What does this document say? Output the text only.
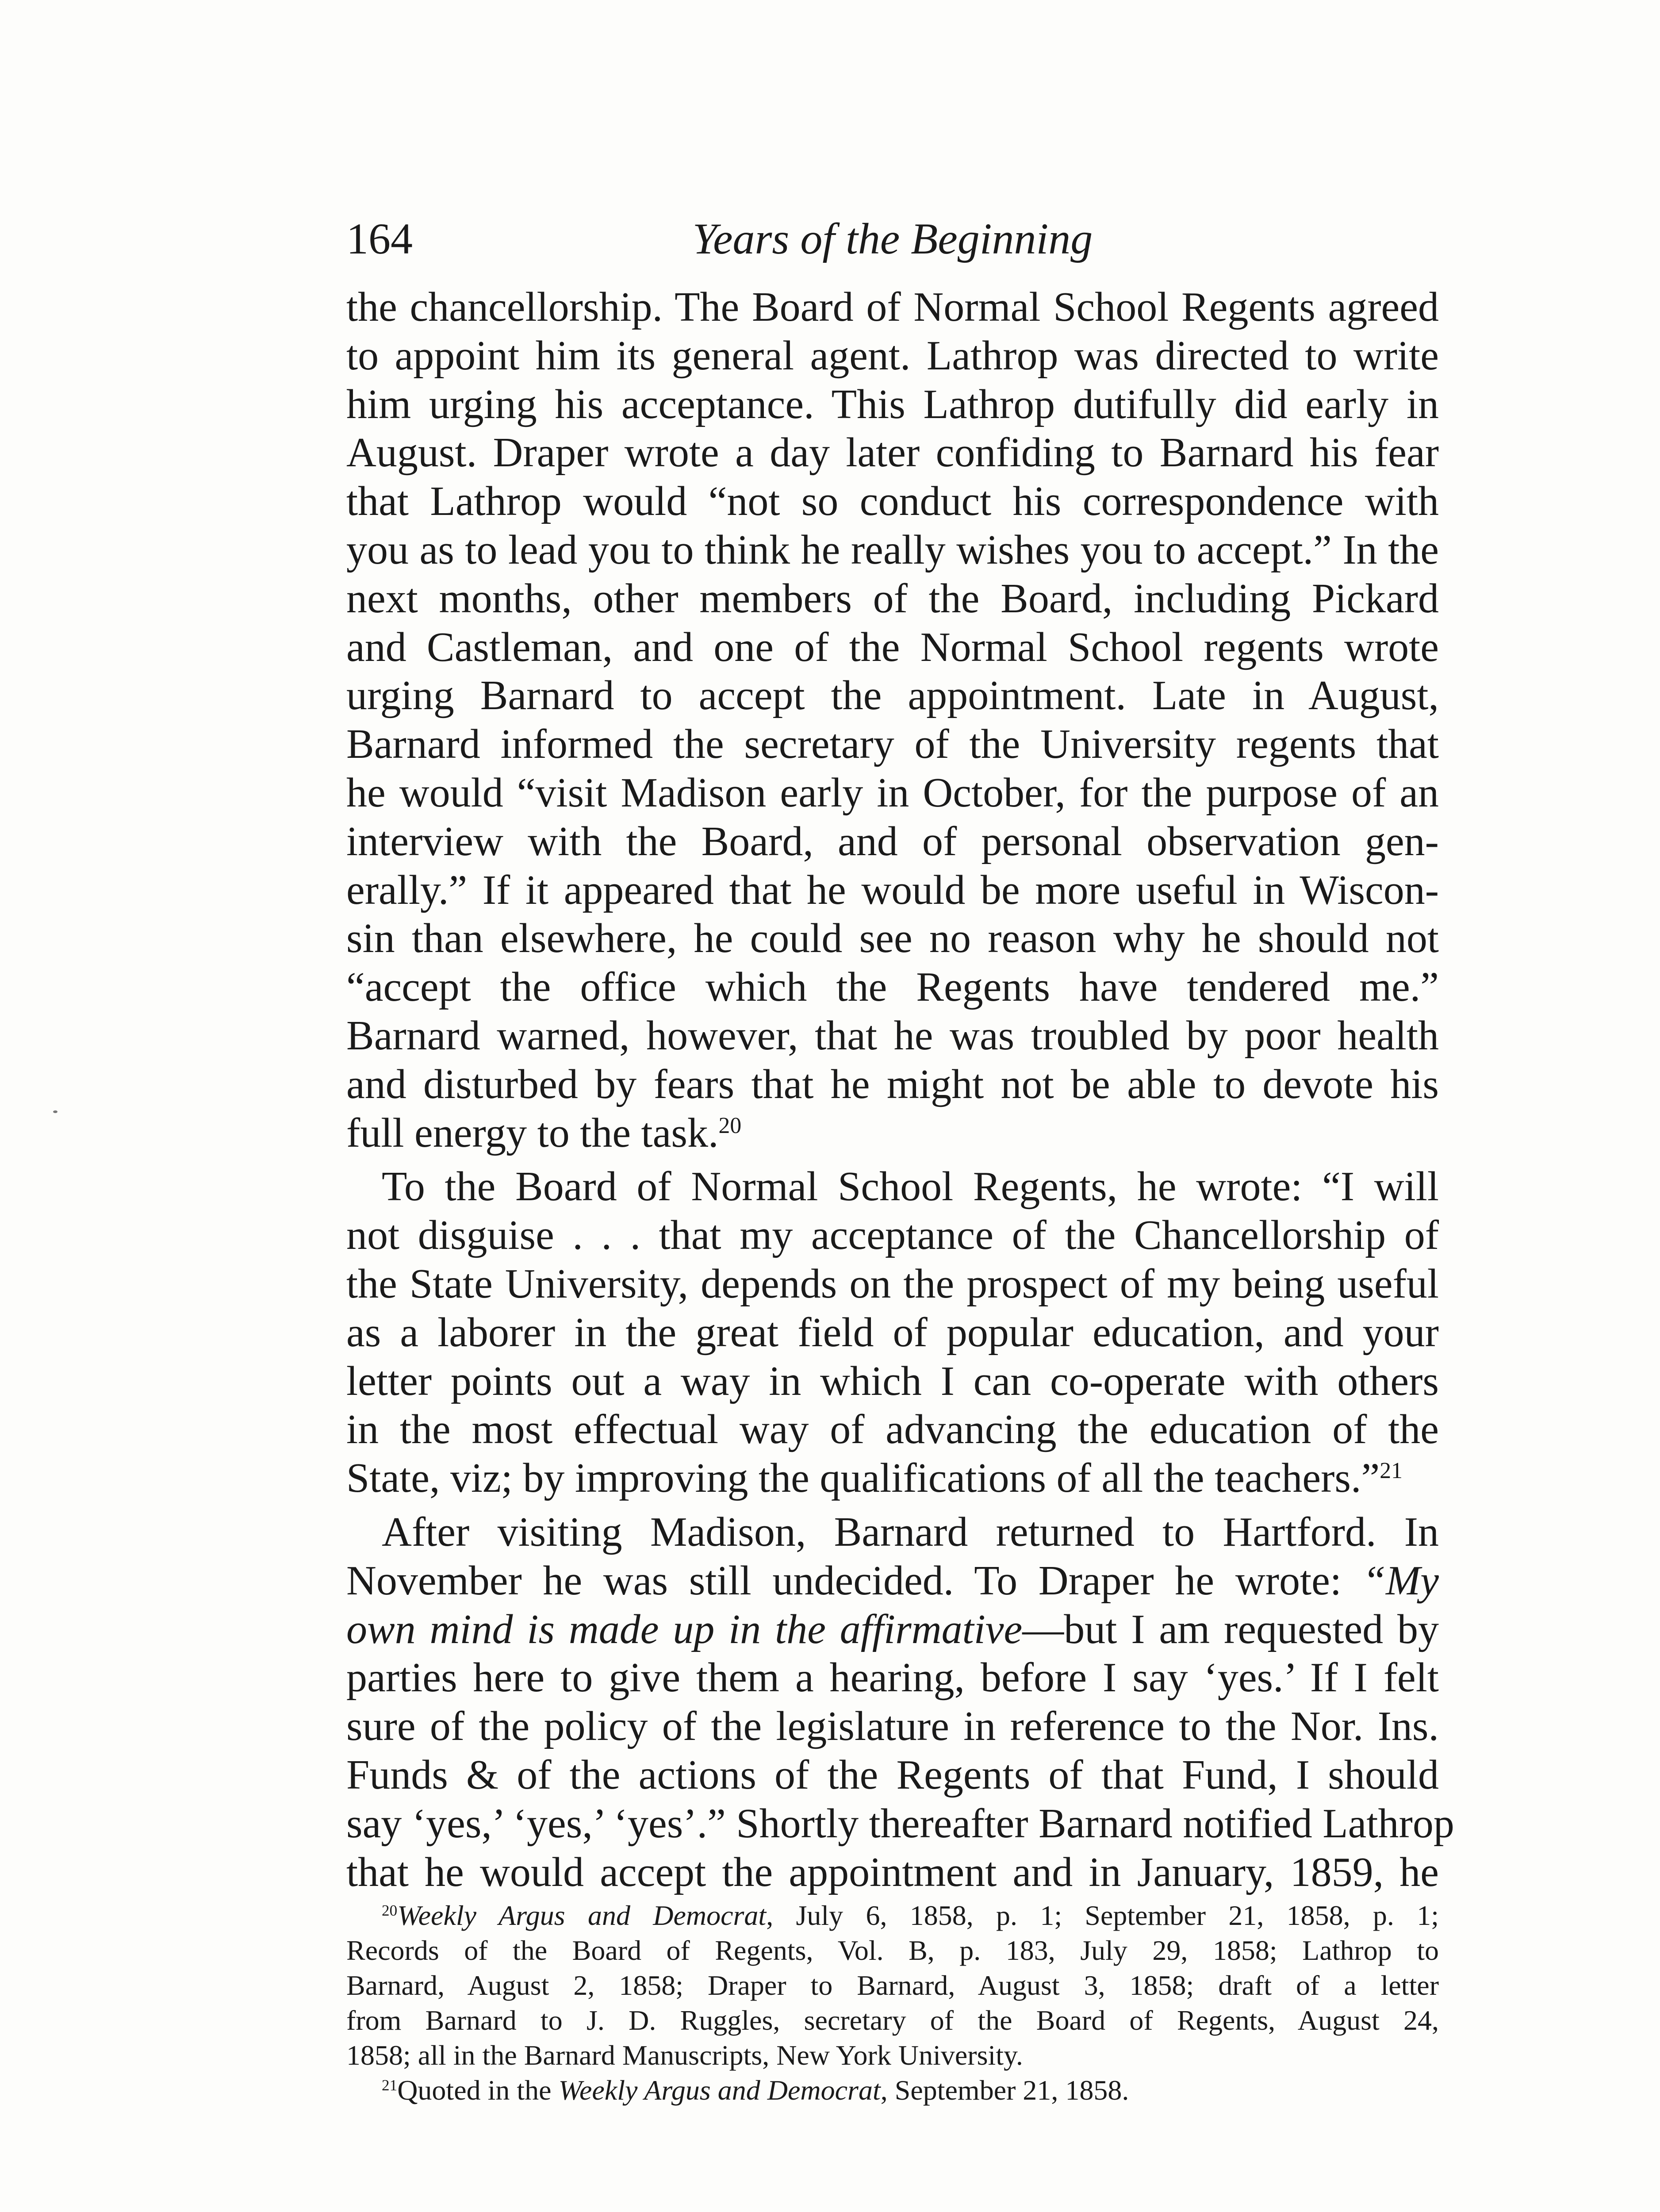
164	Years of the Beginning

the chancellorship. The Board of Normal School Regents agreed
to appoint him its general agent. Lathrop was directed to write
him urging his acceptance. This Lathrop dutifully did early in
August. Draper wrote a day later confiding to Barnard his fear
that Lathrop would “not so conduct his correspondence with
you as to lead you to think he really wishes you to accept.” In the
next months, other members of the Board, including Pickard
and Castleman, and one of the Normal School regents wrote
urging Barnard to accept the appointment. Late in August,
Barnard informed the secretary of the University regents that
he would “visit Madison early in October, for the purpose of an
interview with the Board, and of personal observation gen-
erally.” If it appeared that he would be more useful in Wiscon-
sin than elsewhere, he could see no reason why he should not
“accept the office which the Regents have tendered me.”
Barnard warned, however, that he was troubled by poor health
and disturbed by fears that he might not be able to devote his
full energy to the task.$^{20}$

To the Board of Normal School Regents, he wrote: “I will
not disguise . . . that my acceptance of the Chancellorship of
the State University, depends on the prospect of my being useful
as a laborer in the great field of popular education, and your
letter points out a way in which I can co-operate with others
in the most effectual way of advancing the education of the
State, viz; by improving the qualifications of all the teachers.”$^{21}$

After visiting Madison, Barnard returned to Hartford. In
November he was still undecided. To Draper he wrote: “My
own mind is made up in the affirmative—but I am requested by
parties here to give them a hearing, before I say ‘yes.’ If I felt
sure of the policy of the legislature in reference to the Nor. Ins.
Funds & of the actions of the Regents of that Fund, I should
say ‘yes,’ ‘yes,’ ‘yes’.” Shortly thereafter Barnard notified Lathrop
that he would accept the appointment and in January, 1859, he

$^{20}$Weekly Argus and Democrat, July 6, 1858, p. 1; September 21, 1858, p. 1;
Records of the Board of Regents, Vol. B, p. 183, July 29, 1858; Lathrop to
Barnard, August 2, 1858; Draper to Barnard, August 3, 1858; draft of a letter
from Barnard to J. D. Ruggles, secretary of the Board of Regents, August 24,
1858; all in the Barnard Manuscripts, New York University.

$^{21}$Quoted in the Weekly Argus and Democrat, September 21, 1858.
